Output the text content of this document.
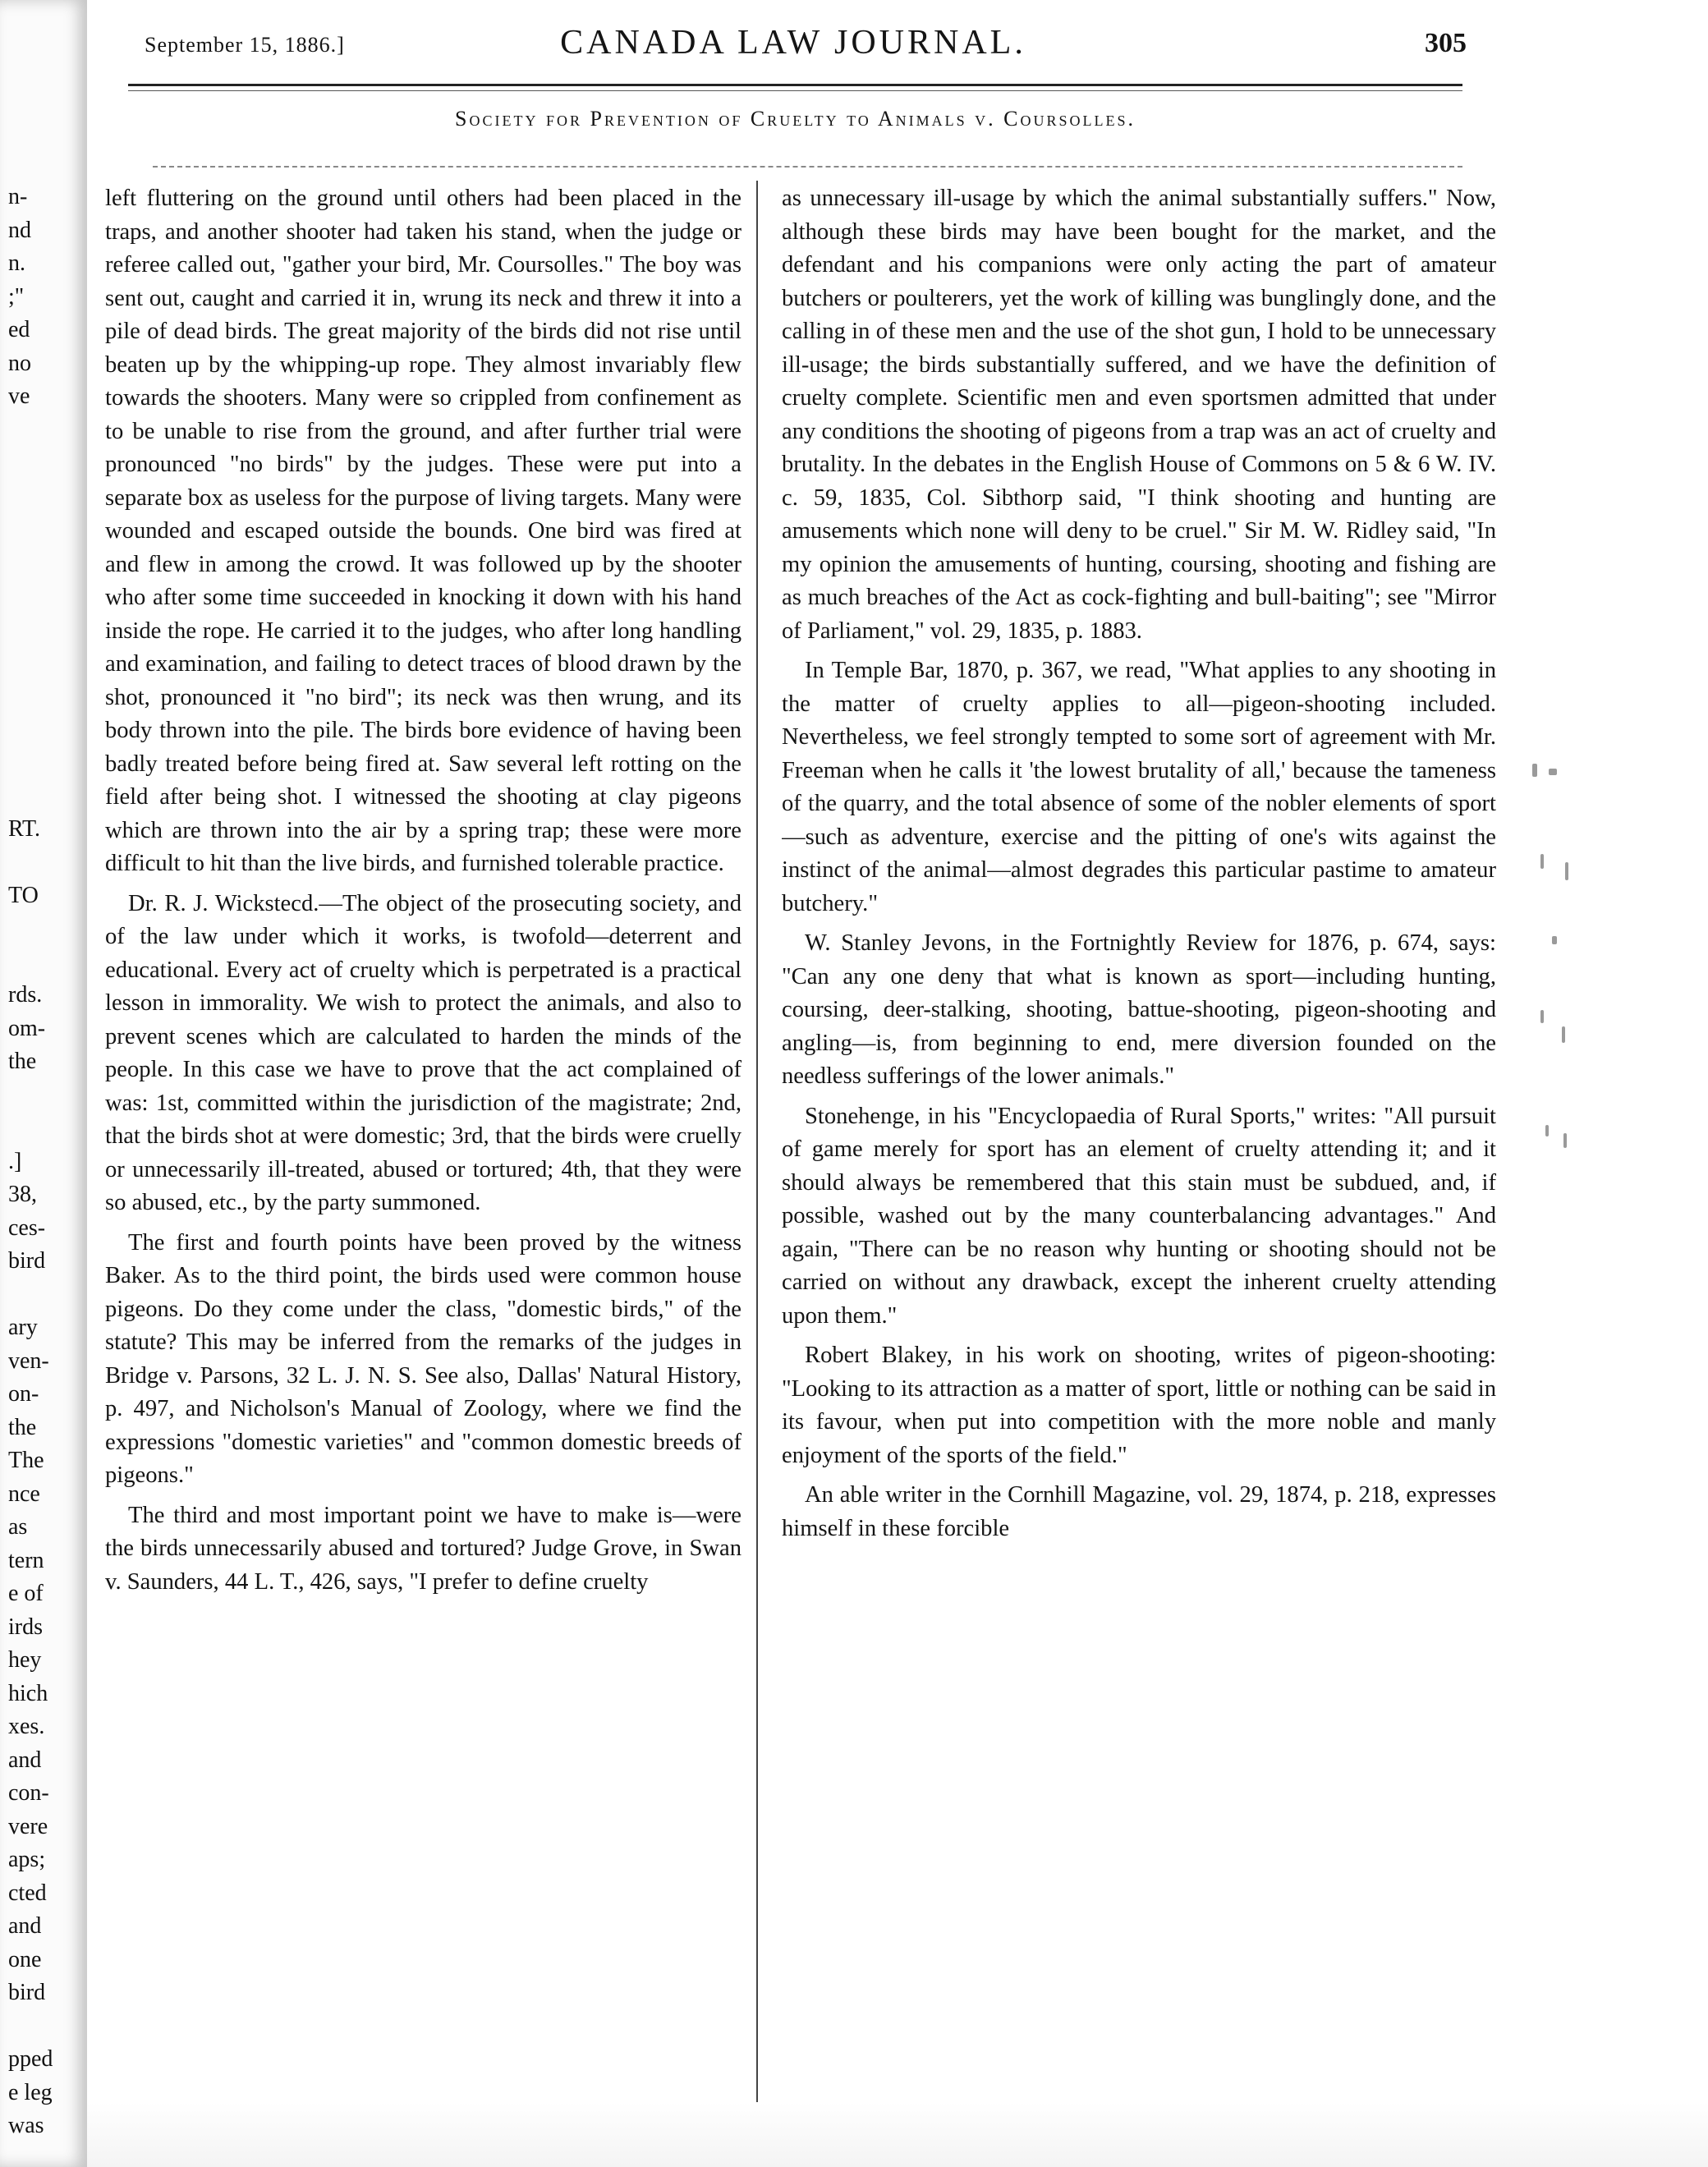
n-
nd
n.
;"
ed
no
ve
RT.
TO
rds.
om-
the
.]
38,
ces-
bird
ary
ven-
on-
the
The
nce
as
tern
e of
irds
hey
hich
xes.
and
con-
vere
aps;
cted
and
one
bird
pped
e leg
was
September 15, 1886.]	CANADA LAW JOURNAL.	305
Society for Prevention of Cruelty to Animals v. Coursolles.

left fluttering on the ground until others had been placed in the traps, and another shooter had taken his stand, when the judge or referee called out, "gather your bird, Mr. Coursolles." The boy was sent out, caught and carried it in, wrung its neck and threw it into a pile of dead birds. The great majority of the birds did not rise until beaten up by the whipping-up rope. They almost invariably flew towards the shooters. Many were so crippled from confinement as to be unable to rise from the ground, and after further trial were pronounced "no birds" by the judges. These were put into a separate box as useless for the purpose of living targets. Many were wounded and escaped outside the bounds. One bird was fired at and flew in among the crowd. It was followed up by the shooter who after some time succeeded in knocking it down with his hand inside the rope. He carried it to the judges, who after long handling and examination, and failing to detect traces of blood drawn by the shot, pronounced it "no bird"; its neck was then wrung, and its body thrown into the pile. The birds bore evidence of having been badly treated before being fired at. Saw several left rotting on the field after being shot. I witnessed the shooting at clay pigeons which are thrown into the air by a spring trap; these were more difficult to hit than the live birds, and furnished tolerable practice.

Dr. R. J. Wickstecd.—The object of the prosecuting society, and of the law under which it works, is twofold—deterrent and educational. Every act of cruelty which is perpetrated is a practical lesson in immorality. We wish to protect the animals, and also to prevent scenes which are calculated to harden the minds of the people. In this case we have to prove that the act complained of was: 1st, committed within the jurisdiction of the magistrate; 2nd, that the birds shot at were domestic; 3rd, that the birds were cruelly or unnecessarily ill-treated, abused or tortured; 4th, that they were so abused, etc., by the party summoned.

The first and fourth points have been proved by the witness Baker. As to the third point, the birds used were common house pigeons. Do they come under the class, "domestic birds," of the statute? This may be inferred from the remarks of the judges in Bridge v. Parsons, 32 L. J. N. S. See also, Dallas' Natural History, p. 497, and Nicholson's Manual of Zoology, where we find the expressions "domestic varieties" and "common domestic breeds of pigeons."

The third and most important point we have to make is—were the birds unnecessarily abused and tortured? Judge Grove, in Swan v. Saunders, 44 L. T., 426, says, "I prefer to define cruelty

as unnecessary ill-usage by which the animal substantially suffers." Now, although these birds may have been bought for the market, and the defendant and his companions were only acting the part of amateur butchers or poulterers, yet the work of killing was bunglingly done, and the calling in of these men and the use of the shot gun, I hold to be unnecessary ill-usage; the birds substantially suffered, and we have the definition of cruelty complete. Scientific men and even sportsmen admitted that under any conditions the shooting of pigeons from a trap was an act of cruelty and brutality. In the debates in the English House of Commons on 5 & 6 W. IV. c. 59, 1835, Col. Sibthorp said, "I think shooting and hunting are amusements which none will deny to be cruel." Sir M. W. Ridley said, "In my opinion the amusements of hunting, coursing, shooting and fishing are as much breaches of the Act as cock-fighting and bull-baiting"; see "Mirror of Parliament," vol. 29, 1835, p. 1883.

In Temple Bar, 1870, p. 367, we read, "What applies to any shooting in the matter of cruelty applies to all—pigeon-shooting included. Nevertheless, we feel strongly tempted to some sort of agreement with Mr. Freeman when he calls it 'the lowest brutality of all,' because the tameness of the quarry, and the total absence of some of the nobler elements of sport—such as adventure, exercise and the pitting of one's wits against the instinct of the animal—almost degrades this particular pastime to amateur butchery."

W. Stanley Jevons, in the Fortnightly Review for 1876, p. 674, says: "Can any one deny that what is known as sport—including hunting, coursing, deer-stalking, shooting, battue-shooting, pigeon-shooting and angling—is, from beginning to end, mere diversion founded on the needless sufferings of the lower animals."

Stonehenge, in his "Encyclopaedia of Rural Sports," writes: "All pursuit of game merely for sport has an element of cruelty attending it; and it should always be remembered that this stain must be subdued, and, if possible, washed out by the many counterbalancing advantages." And again, "There can be no reason why hunting or shooting should not be carried on without any drawback, except the inherent cruelty attending upon them."

Robert Blakey, in his work on shooting, writes of pigeon-shooting: "Looking to its attraction as a matter of sport, little or nothing can be said in its favour, when put into competition with the more noble and manly enjoyment of the sports of the field."

An able writer in the Cornhill Magazine, vol. 29, 1874, p. 218, expresses himself in these forcible
